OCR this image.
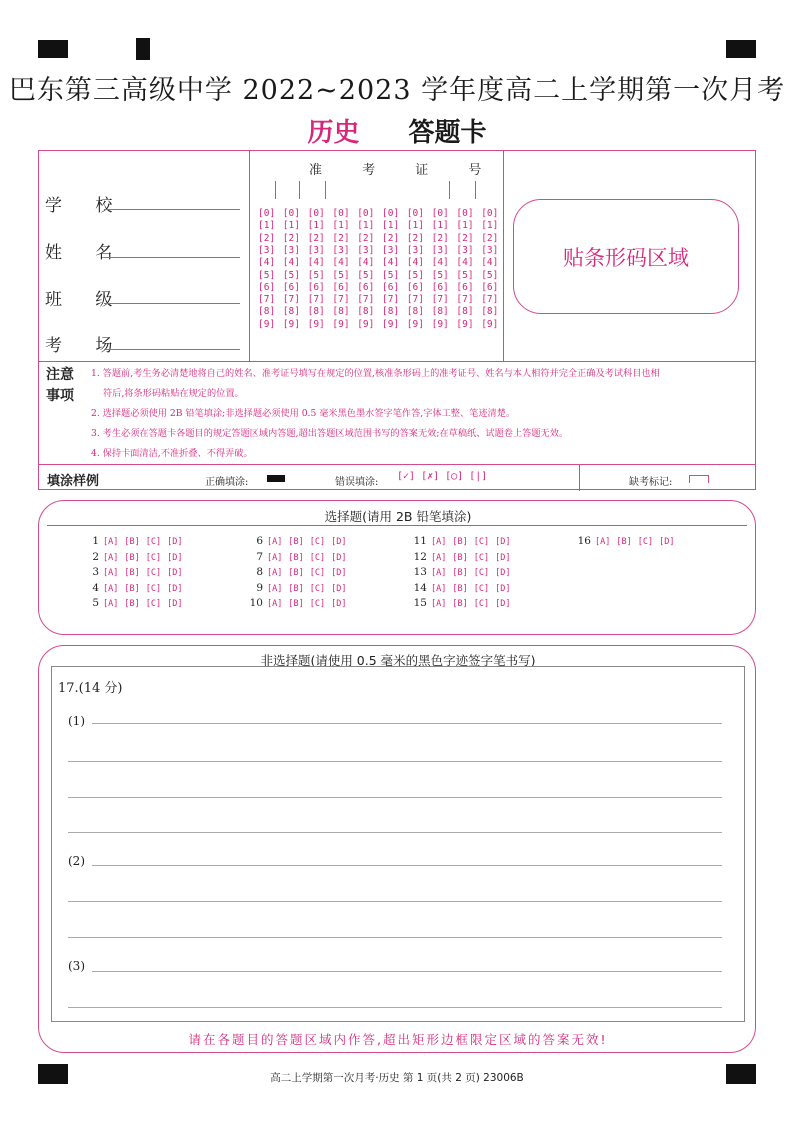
巴东第三高级中学 2022~2023 学年度高二上学期第一次月考
历史 答题卡
学 校
姓 名
班 级
考 场
准 考 证 号
[0]
[1]
[2]
[3]
[4]
[5]
[6]
[7]
[8]
[9]
[0]
[1]
[2]
[3]
[4]
[5]
[6]
[7]
[8]
[9]
[0]
[1]
[2]
[3]
[4]
[5]
[6]
[7]
[8]
[9]
[0]
[1]
[2]
[3]
[4]
[5]
[6]
[7]
[8]
[9]
[0]
[1]
[2]
[3]
[4]
[5]
[6]
[7]
[8]
[9]
[0]
[1]
[2]
[3]
[4]
[5]
[6]
[7]
[8]
[9]
[0]
[1]
[2]
[3]
[4]
[5]
[6]
[7]
[8]
[9]
[0]
[1]
[2]
[3]
[4]
[5]
[6]
[7]
[8]
[9]
[0]
[1]
[2]
[3]
[4]
[5]
[6]
[7]
[8]
[9]
[0]
[1]
[2]
[3]
[4]
[5]
[6]
[7]
[8]
[9]
贴条形码区域
注意事项
1. 答题前,考生务必清楚地将自己的姓名、准考证号填写在规定的位置,核准条形码上的准考证号、姓名与本人相符并完全正确及考试科目也相
符后,将条形码粘贴在规定的位置。
2. 选择题必须使用 2B 铅笔填涂;非选择题必须使用 0.5 毫米黑色墨水签字笔作答,字体工整、笔迹清楚。
3. 考生必须在答题卡各题目的规定答题区域内答题,超出答题区域范围书写的答案无效;在草稿纸、试题卷上答题无效。
4. 保持卡面清洁,不准折叠、不得弄破。
填涂样例	正确填涂:	错误填涂:
[✓] [✗] [◯] [|]
缺考标记:
选择题(请用 2B 铅笔填涂)
1 [A] [B] [C] [D]
2 [A] [B] [C] [D]
3 [A] [B] [C] [D]
4 [A] [B] [C] [D]
5 [A] [B] [C] [D]
6 [A] [B] [C] [D]
7 [A] [B] [C] [D]
8 [A] [B] [C] [D]
9 [A] [B] [C] [D]
10 [A] [B] [C] [D]
11 [A] [B] [C] [D]
12 [A] [B] [C] [D]
13 [A] [B] [C] [D]
14 [A] [B] [C] [D]
15 [A] [B] [C] [D]
16 [A] [B] [C] [D]
非选择题(请使用 0.5 毫米的黑色字迹签字笔书写)
17.(14 分)
(1)
(2)
(3)
请在各题目的答题区域内作答,超出矩形边框限定区域的答案无效!
高二上学期第一次月考·历史 第 1 页(共 2 页) 23006B
